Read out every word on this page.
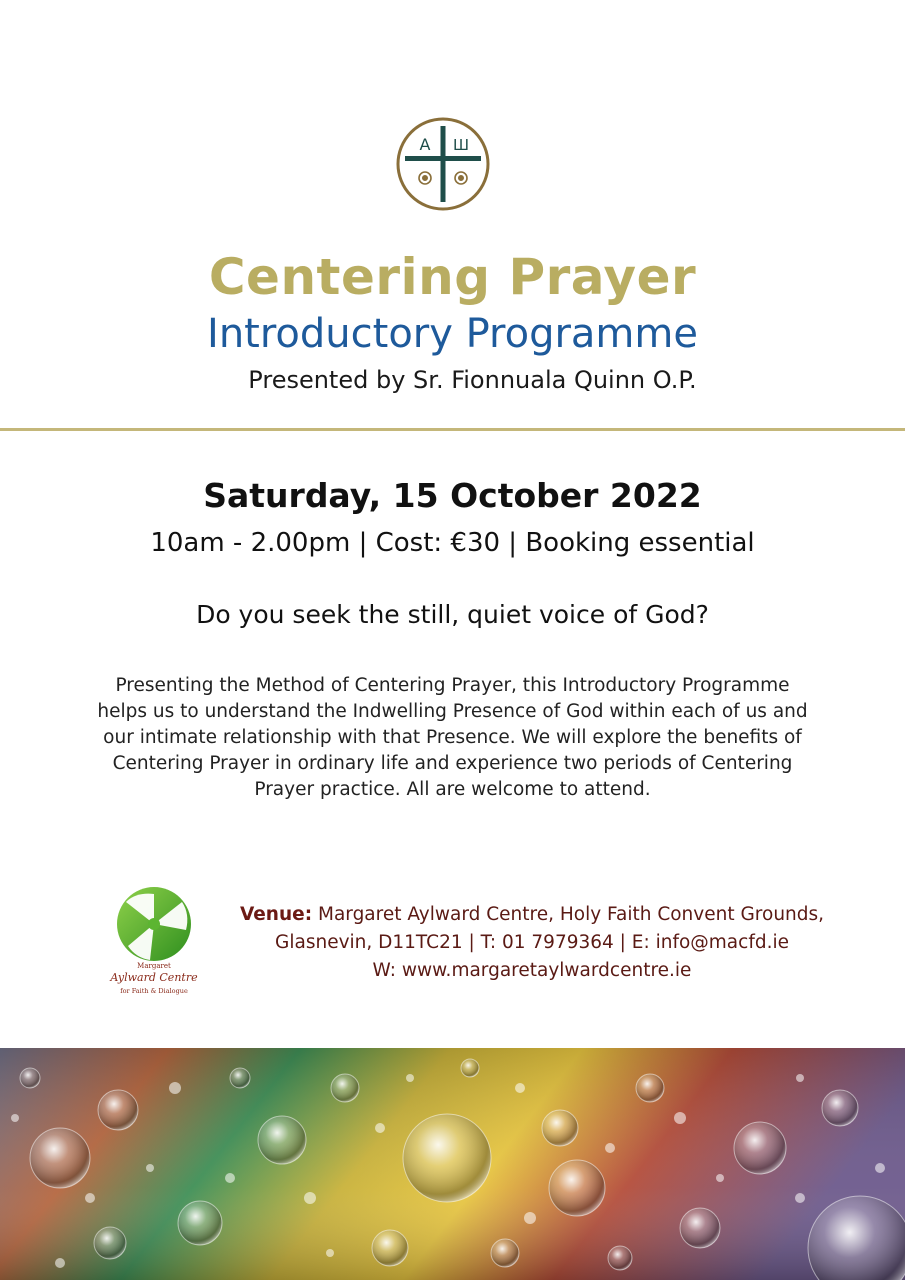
A Ш
Centering Prayer
Introductory Programme
Presented by Sr. Fionnuala Quinn O.P.
Saturday, 15 October 2022
10am - 2.00pm | Cost: €30 | Booking essential
Do you seek the still, quiet voice of God?

Presenting the Method of Centering Prayer, this Introductory Programme helps us to understand the Indwelling Presence of God within each of us and our intimate relationship with that Presence. We will explore the benefits of Centering Prayer in ordinary life and experience two periods of Centering Prayer practice. All are welcome to attend.

Margaret
Aylward Centre
for Faith & Dialogue
Venue: Margaret Aylward Centre, Holy Faith Convent Grounds,
Glasnevin, D11TC21 | T: 01 7979364 | E: info@macfd.ie
W: www.margaretaylwardcentre.ie
